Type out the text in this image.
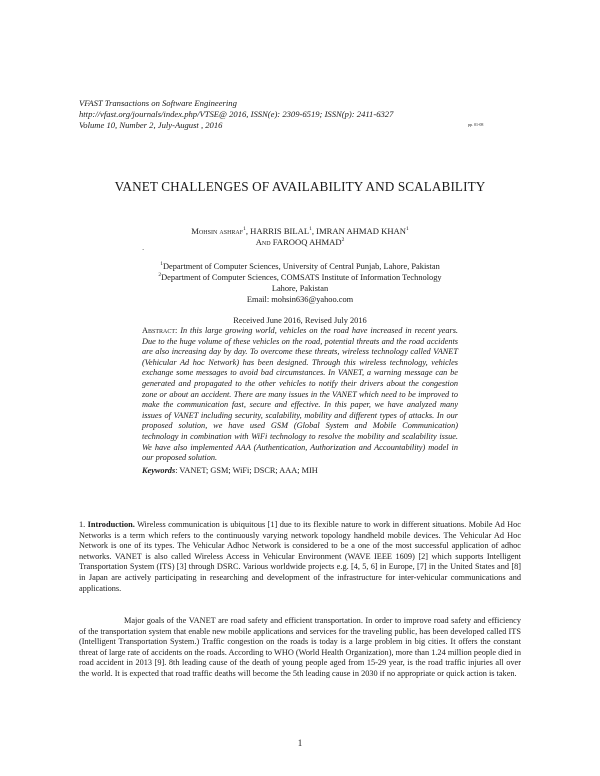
VFAST Transactions on Software Engineering
http://vfast.org/journals/index.php/VTSE@ 2016, ISSN(e): 2309-6519; ISSN(p): 2411-6327
Volume 10, Number 2, July-August , 2016	pp. 01-08
VANET CHALLENGES OF AVAILABILITY AND SCALABILITY
Mohsin ashraf$^1$, HARRIS BILAL$^1$, IMRAN AHMAD KHAN$^1$
And FAROOQ AHMAD$^2$
`
$^1$Department of Computer Sciences, University of Central Punjab, Lahore, Pakistan
$^2$Department of Computer Sciences, COMSATS Institute of Information Technology
Lahore, Pakistan
Email: mohsin636@yahoo.com
Received June 2016, Revised July 2016
Abstract: In this large growing world, vehicles on the road have increased in recent years. Due to the huge volume of these vehicles on the road, potential threats and the road accidents are also increasing day by day. To overcome these threats, wireless technology called VANET (Vehicular Ad hoc Network) has been designed. Through this wireless technology, vehicles exchange some messages to avoid bad circumstances. In VANET, a warning message can be generated and propagated to the other vehicles to notify their drivers about the congestion zone or about an accident. There are many issues in the VANET which need to be improved to make the communication fast, secure and effective. In this paper, we have analyzed many issues of VANET including security, scalability, mobility and different types of attacks. In our proposed solution, we have used GSM (Global System and Mobile Communication) technology in combination with WiFi technology to resolve the mobility and scalability issue. We have also implemented AAA (Authentication, Authorization and Accountability) model in our proposed solution.
Keywords: VANET; GSM; WiFi; DSCR; AAA; MIH
1. Introduction. Wireless communication is ubiquitous [1] due to its flexible nature to work in different situations. Mobile Ad Hoc Networks is a term which refers to the continuously varying network topology handheld mobile devices. The Vehicular Ad Hoc Network is one of its types. The Vehicular Adhoc Network is considered to be a one of the most successful application of adhoc networks. VANET is also called Wireless Access in Vehicular Environment (WAVE IEEE 1609) [2] which supports Intelligent Transportation System (ITS) [3] through DSRC. Various worldwide projects e.g. [4, 5, 6] in Europe, [7] in the United States and [8] in Japan are actively participating in researching and development of the infrastructure for inter-vehicular communications and applications.
Major goals of the VANET are road safety and efficient transportation. In order to improve road safety and efficiency of the transportation system that enable new mobile applications and services for the traveling public, has been developed called ITS (Intelligent Transportation System.) Traffic congestion on the roads is today is a large problem in big cities. It offers the constant threat of large rate of accidents on the roads. According to WHO (World Health Organization), more than 1.24 million people died in road accident in 2013 [9]. 8th leading cause of the death of young people aged from 15-29 year, is the road traffic injuries all over the world. It is expected that road traffic deaths will become the 5th leading cause in 2030 if no appropriate or quick action is taken.
1
